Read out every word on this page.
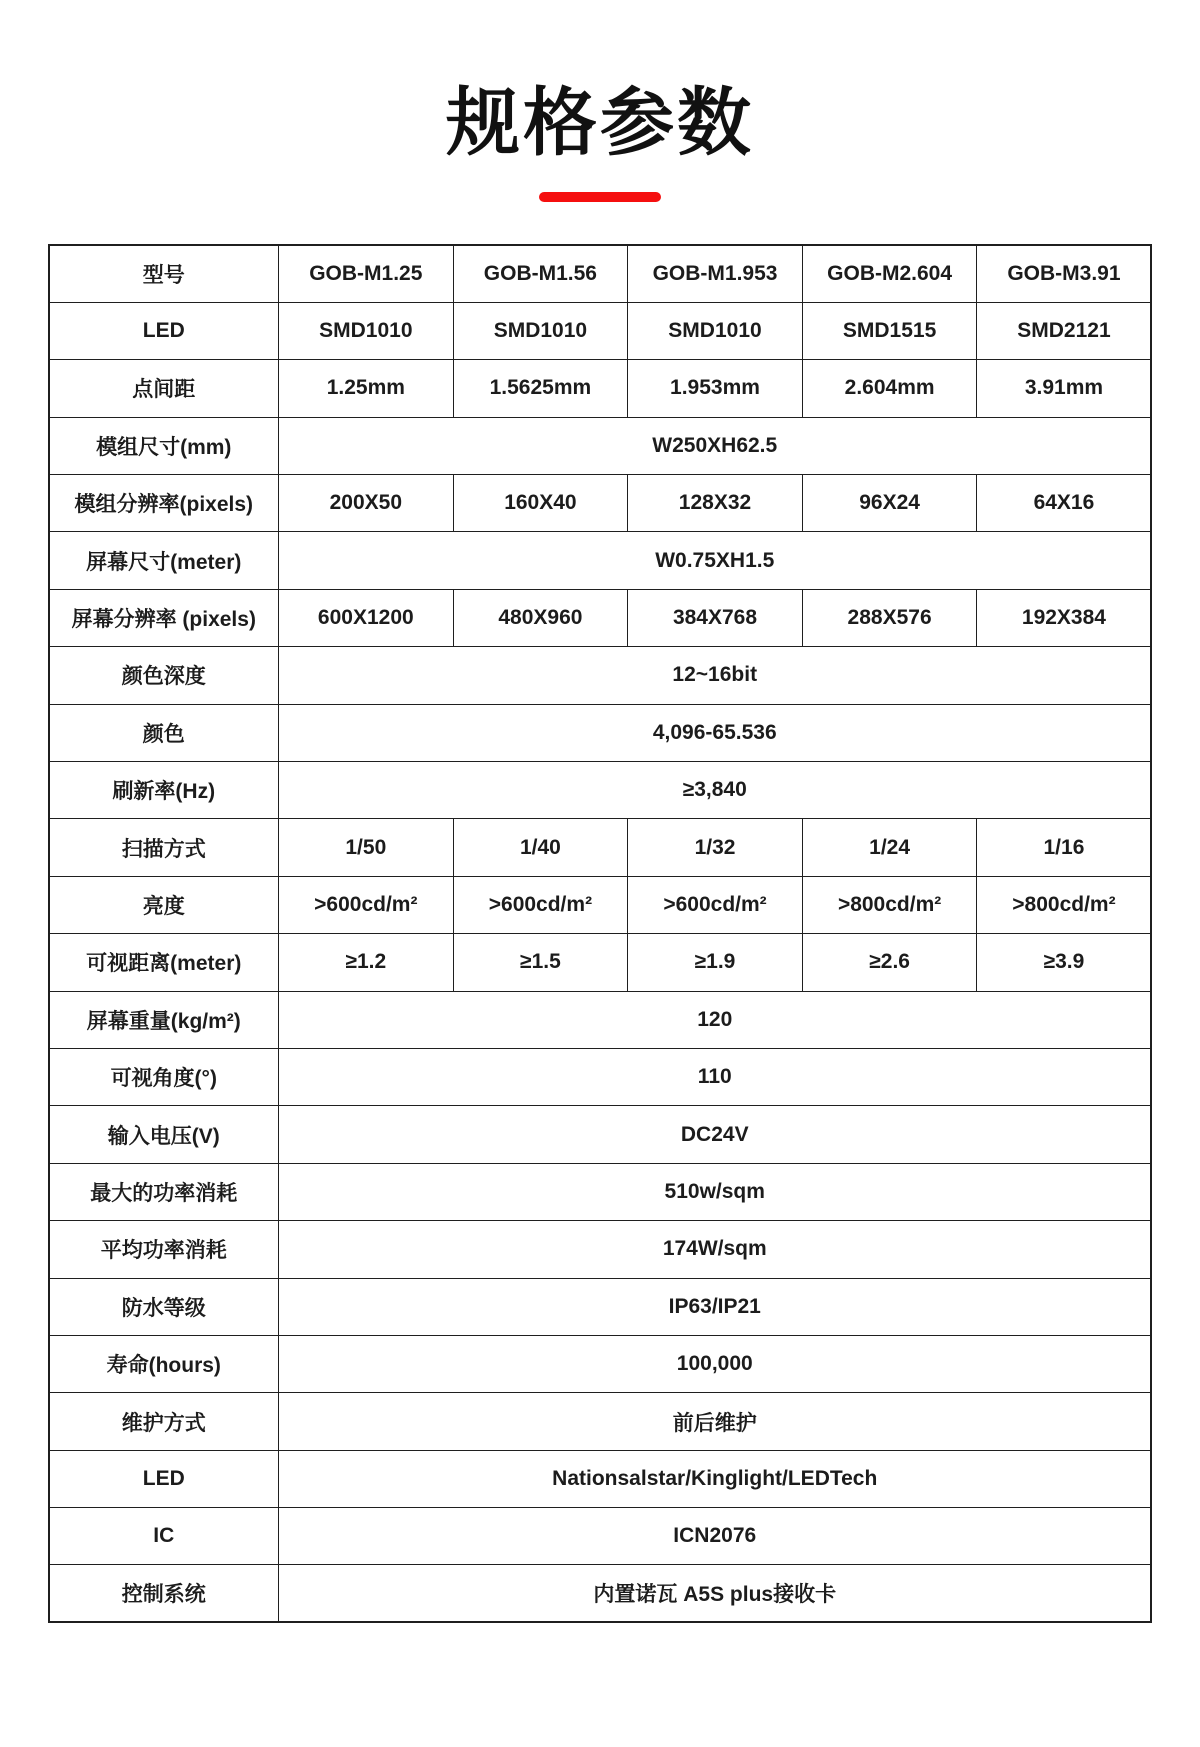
规格参数
型号	GOB-M1.25	GOB-M1.56	GOB-M1.953	GOB-M2.604	GOB-M3.91
LED	SMD1010	SMD1010	SMD1010	SMD1515	SMD2121
点间距	1.25mm	1.5625mm	1.953mm	2.604mm	3.91mm
模组尺寸(mm)	W250XH62.5				
模组分辨率(pixels)	200X50	160X40	128X32	96X24	64X16
屏幕尺寸(meter)	W0.75XH1.5				
屏幕分辨率 (pixels)	600X1200	480X960	384X768	288X576	192X384
颜色深度	12~16bit				
颜色	4,096-65.536				
刷新率(Hz)	≥3,840				
扫描方式	1/50	1/40	1/32	1/24	1/16
亮度	>600cd/m²	>600cd/m²	>600cd/m²	>800cd/m²	>800cd/m²
可视距离(meter)	≥1.2	≥1.5	≥1.9	≥2.6	≥3.9
屏幕重量(kg/m²)	120				
可视角度(°)	110				
输入电压(V)	DC24V				
最大的功率消耗	510w/sqm				
平均功率消耗	174W/sqm				
防水等级	IP63/IP21				
寿命(hours)	100,000				
维护方式	前后维护				
LED	Nationsalstar/Kinglight/LEDTech				
IC	ICN2076				
控制系统	内置诺瓦 A5S plus接收卡				
